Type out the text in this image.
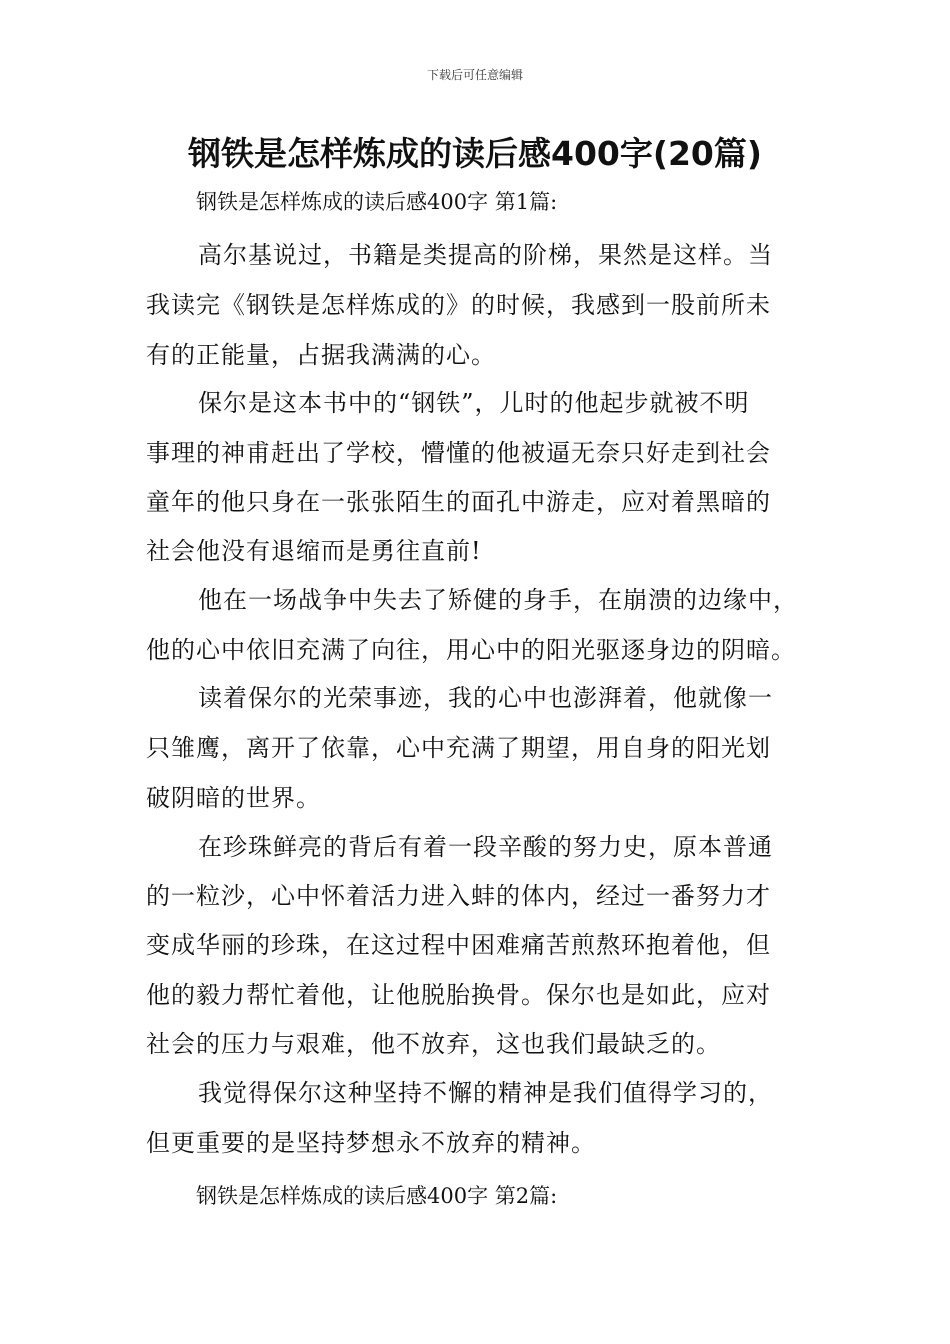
下载后可任意编辑
钢铁是怎样炼成的读后感400字(20篇)
钢铁是怎样炼成的读后感400字 第1篇:
高尔基说过，书籍是类提高的阶梯，果然是这样。当
我读完《钢铁是怎样炼成的》的时候，我感到一股前所未
有的正能量，占据我满满的心。
保尔是这本书中的“钢铁”，儿时的他起步就被不明
事理的神甫赶出了学校，懵懂的他被逼无奈只好走到社会
童年的他只身在一张张陌生的面孔中游走，应对着黑暗的
社会他没有退缩而是勇往直前!
他在一场战争中失去了矫健的身手，在崩溃的边缘中，
他的心中依旧充满了向往，用心中的阳光驱逐身边的阴暗。
读着保尔的光荣事迹，我的心中也澎湃着，他就像一
只雏鹰，离开了依靠，心中充满了期望，用自身的阳光划
破阴暗的世界。
在珍珠鲜亮的背后有着一段辛酸的努力史，原本普通
的一粒沙，心中怀着活力进入蚌的体内，经过一番努力才
变成华丽的珍珠，在这过程中困难痛苦煎熬环抱着他，但
他的毅力帮忙着他，让他脱胎换骨。保尔也是如此，应对
社会的压力与艰难，他不放弃，这也我们最缺乏的。
我觉得保尔这种坚持不懈的精神是我们值得学习的，
但更重要的是坚持梦想永不放弃的精神。
钢铁是怎样炼成的读后感400字 第2篇:
